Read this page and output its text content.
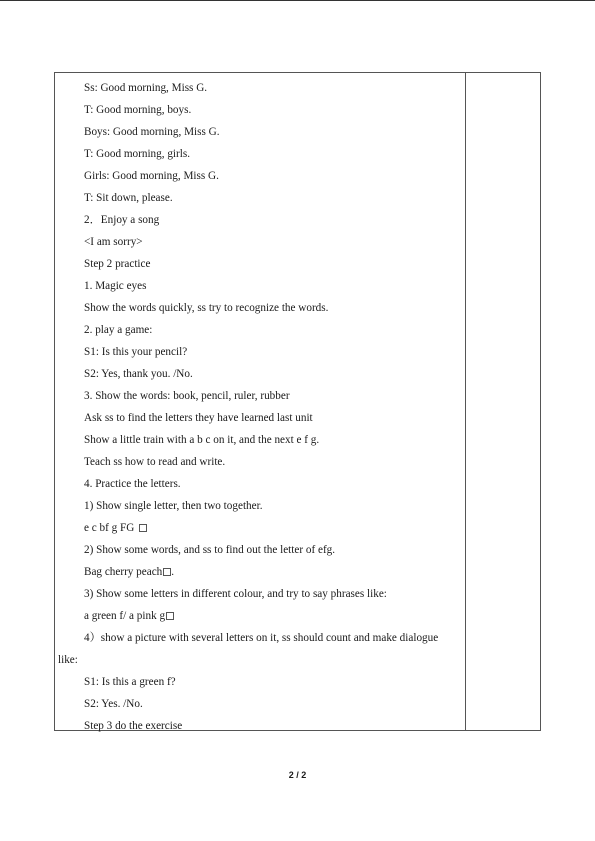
Ss: Good morning, Miss G.
T: Good morning, boys.
Boys: Good morning, Miss G.
T: Good morning, girls.
Girls: Good morning, Miss G.
T: Sit down, please.
2．Enjoy a song
<I am sorry>
Step 2 practice
1. Magic eyes
Show the words quickly, ss try to recognize the words.
2. play a game:
S1: Is this your pencil?
S2: Yes, thank you. /No.
3. Show the words: book, pencil, ruler, rubber
Ask ss to find the letters they have learned last unit
Show a little train with a b c on it, and the next e f g.
Teach ss how to read and write.
4. Practice the letters.
1) Show single letter, then two together.
e c bf g FG
2) Show some words, and ss to find out the letter of efg.
Bag cherry peach .
3) Show some letters in different colour, and try to say phrases like:
a green f/ a pink g
4）show a picture with several letters on it, ss should count and make dialogue
like:
S1: Is this a green f?
S2: Yes. /No.
Step 3 do the exercise
2 / 2
